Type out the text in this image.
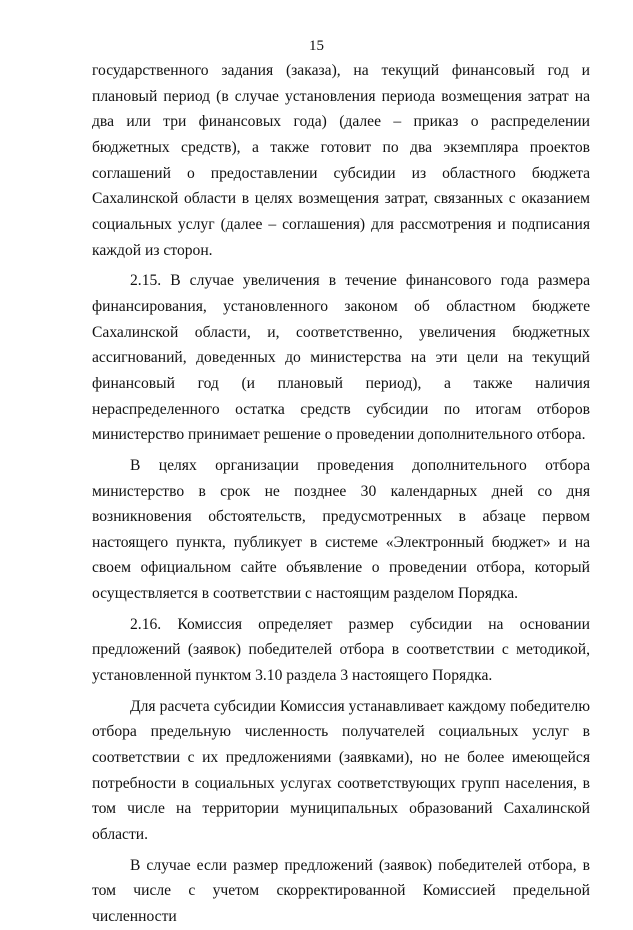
15

государственного задания (заказа), на текущий финансовый год и плановый период (в случае установления периода возмещения затрат на два или три финансовых года) (далее – приказ о распределении бюджетных средств), а также готовит по два экземпляра проектов соглашений о предоставлении субсидии из областного бюджета Сахалинской области в целях возмещения затрат, связанных с оказанием социальных услуг (далее – соглашения) для рассмотрения и подписания каждой из сторон.

2.15. В случае увеличения в течение финансового года размера финансирования, установленного законом об областном бюджете Сахалинской области, и, соответственно, увеличения бюджетных ассигнований, доведенных до министерства на эти цели на текущий финансовый год (и плановый период), а также наличия нераспределенного остатка средств субсидии по итогам отборов министерство принимает решение о проведении дополнительного отбора.

В целях организации проведения дополнительного отбора министерство в срок не позднее 30 календарных дней со дня возникновения обстоятельств, предусмотренных в абзаце первом настоящего пункта, публикует в системе «Электронный бюджет» и на своем официальном сайте объявление о проведении отбора, который осуществляется в соответствии с настоящим разделом Порядка.

2.16. Комиссия определяет размер субсидии на основании предложений (заявок) победителей отбора в соответствии с методикой, установленной пунктом 3.10 раздела 3 настоящего Порядка.

Для расчета субсидии Комиссия устанавливает каждому победителю отбора предельную численность получателей социальных услуг в соответствии с их предложениями (заявками), но не более имеющейся потребности в социальных услугах соответствующих групп населения, в том числе на территории муниципальных образований Сахалинской области.

В случае если размер предложений (заявок) победителей отбора, в том числе с учетом скорректированной Комиссией предельной численности
